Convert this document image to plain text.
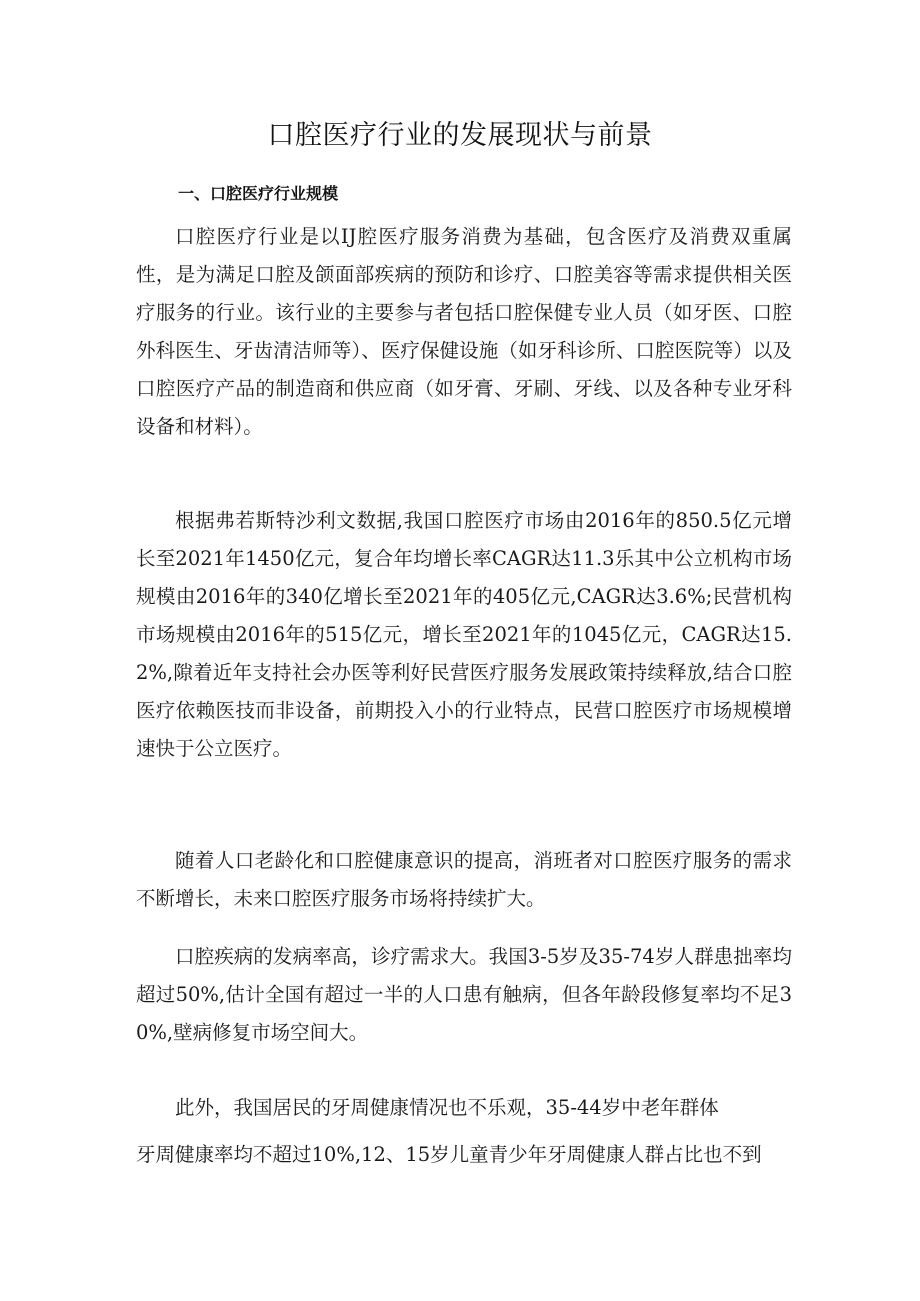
口腔医疗行业的发展现状与前景
一、口腔医疗行业规模

口腔医疗行业是以IJ腔医疗服务消费为基础，包含医疗及消费双重属性，是为满足口腔及颌面部疾病的预防和诊疗、口腔美容等需求提供相关医疗服务的行业。该行业的主要参与者包括口腔保健专业人员（如牙医、口腔外科医生、牙齿清洁师等）、医疗保健设施（如牙科诊所、口腔医院等）以及口腔医疗产品的制造商和供应商（如牙膏、牙刷、牙线、以及各种专业牙科设备和材料）。

根据弗若斯特沙利文数据,我国口腔医疗市场由2016年的850.5亿元增长至2021年1450亿元，复合年均增长率CAGR达11.3乐其中公立机构市场规模由2016年的340亿增长至2021年的405亿元,CAGR达3.6%;民营机构市场规模由2016年的515亿元，增长至2021年的1045亿元，CAGR达15.2%,隙着近年支持社会办医等利好民营医疗服务发展政策持续释放,结合口腔医疗依赖医技而非设备，前期投入小的行业特点，民营口腔医疗市场规模增速快于公立医疗。

随着人口老龄化和口腔健康意识的提高，消班者对口腔医疗服务的需求不断增长，未来口腔医疗服务市场将持续扩大。

口腔疾病的发病率高，诊疗需求大。我国3-5岁及35-74岁人群患拙率均超过50%,估计全国有超过一半的人口患有触病，但各年龄段修复率均不足30%,壁病修复市场空间大。

此外，我国居民的牙周健康情况也不乐观，35-44岁中老年群体

牙周健康率均不超过10%,12、15岁儿童青少年牙周健康人群占比也不到
